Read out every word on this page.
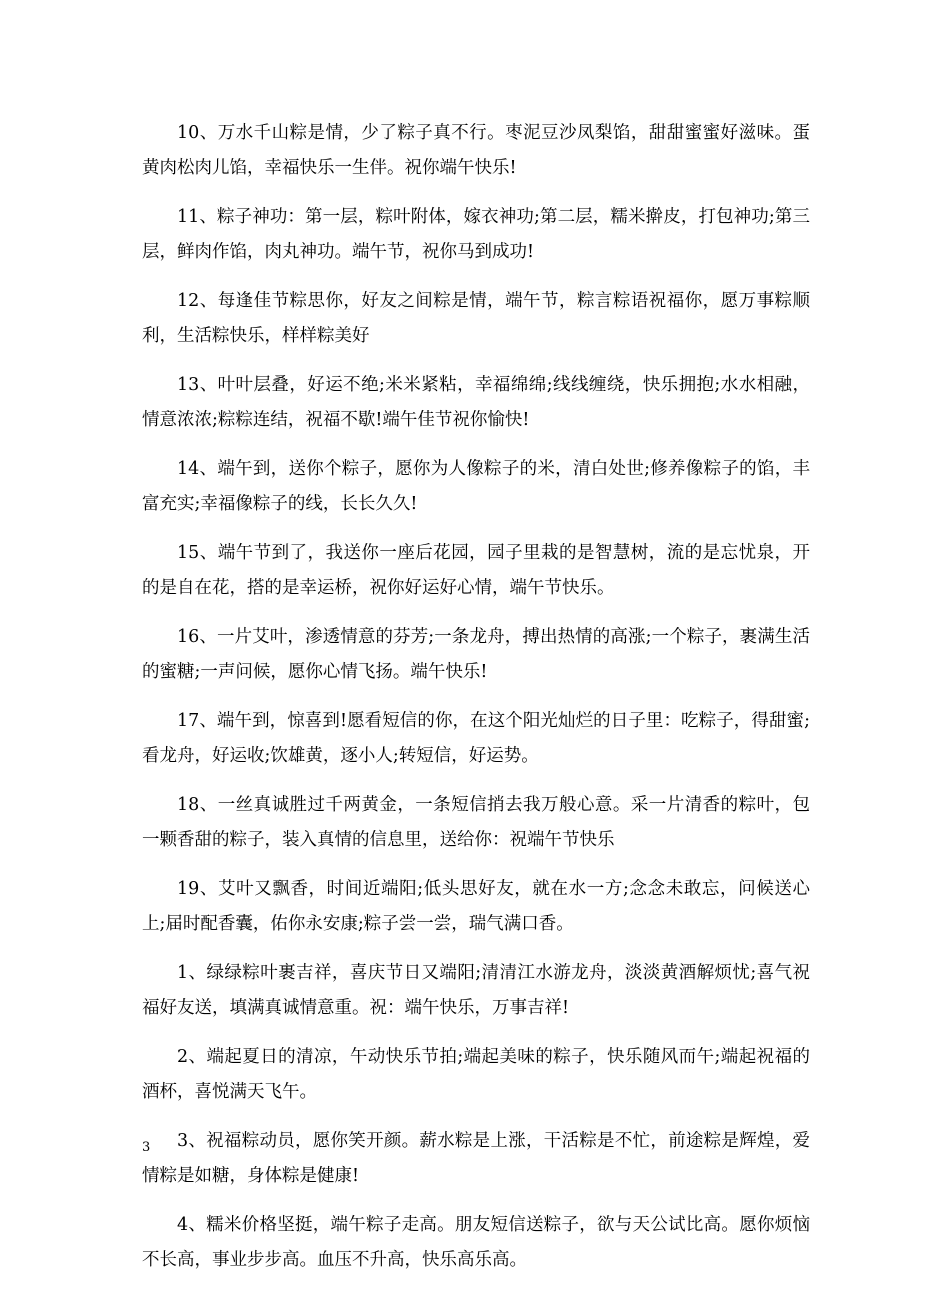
10、万水千山粽是情，少了粽子真不行。枣泥豆沙凤梨馅，甜甜蜜蜜好滋味。蛋黄肉松肉儿馅，幸福快乐一生伴。祝你端午快乐!

11、粽子神功：第一层，粽叶附体，嫁衣神功;第二层，糯米擀皮，打包神功;第三层，鲜肉作馅，肉丸神功。端午节，祝你马到成功!

12、每逢佳节粽思你，好友之间粽是情，端午节，粽言粽语祝福你，愿万事粽顺利，生活粽快乐，样样粽美好

13、叶叶层叠，好运不绝;米米紧粘，幸福绵绵;线线缠绕，快乐拥抱;水水相融，情意浓浓;粽粽连结，祝福不歇!端午佳节祝你愉快!

14、端午到，送你个粽子，愿你为人像粽子的米，清白处世;修养像粽子的馅，丰富充实;幸福像粽子的线，长长久久!

15、端午节到了，我送你一座后花园，园子里栽的是智慧树，流的是忘忧泉，开的是自在花，搭的是幸运桥，祝你好运好心情，端午节快乐。

16、一片艾叶，渗透情意的芬芳;一条龙舟，搏出热情的高涨;一个粽子，裹满生活的蜜糖;一声问候，愿你心情飞扬。端午快乐!

17、端午到，惊喜到!愿看短信的你，在这个阳光灿烂的日子里：吃粽子，得甜蜜;看龙舟，好运收;饮雄黄，逐小人;转短信，好运势。

18、一丝真诚胜过千两黄金，一条短信捎去我万般心意。采一片清香的粽叶，包一颗香甜的粽子，装入真情的信息里，送给你：祝端午节快乐

19、艾叶又飘香，时间近端阳;低头思好友，就在水一方;念念未敢忘，问候送心上;届时配香囊，佑你永安康;粽子尝一尝，瑞气满口香。

1、绿绿粽叶裹吉祥，喜庆节日又端阳;清清江水游龙舟，淡淡黄酒解烦忧;喜气祝福好友送，填满真诚情意重。祝：端午快乐，万事吉祥!

2、端起夏日的清凉，午动快乐节拍;端起美味的粽子，快乐随风而午;端起祝福的酒杯，喜悦满天飞午。

3、祝福粽动员，愿你笑开颜。薪水粽是上涨，干活粽是不忙，前途粽是辉煌，爱情粽是如糖，身体粽是健康!

4、糯米价格坚挺，端午粽子走高。朋友短信送粽子，欲与天公试比高。愿你烦恼不长高，事业步步高。血压不升高，快乐高乐高。

3
